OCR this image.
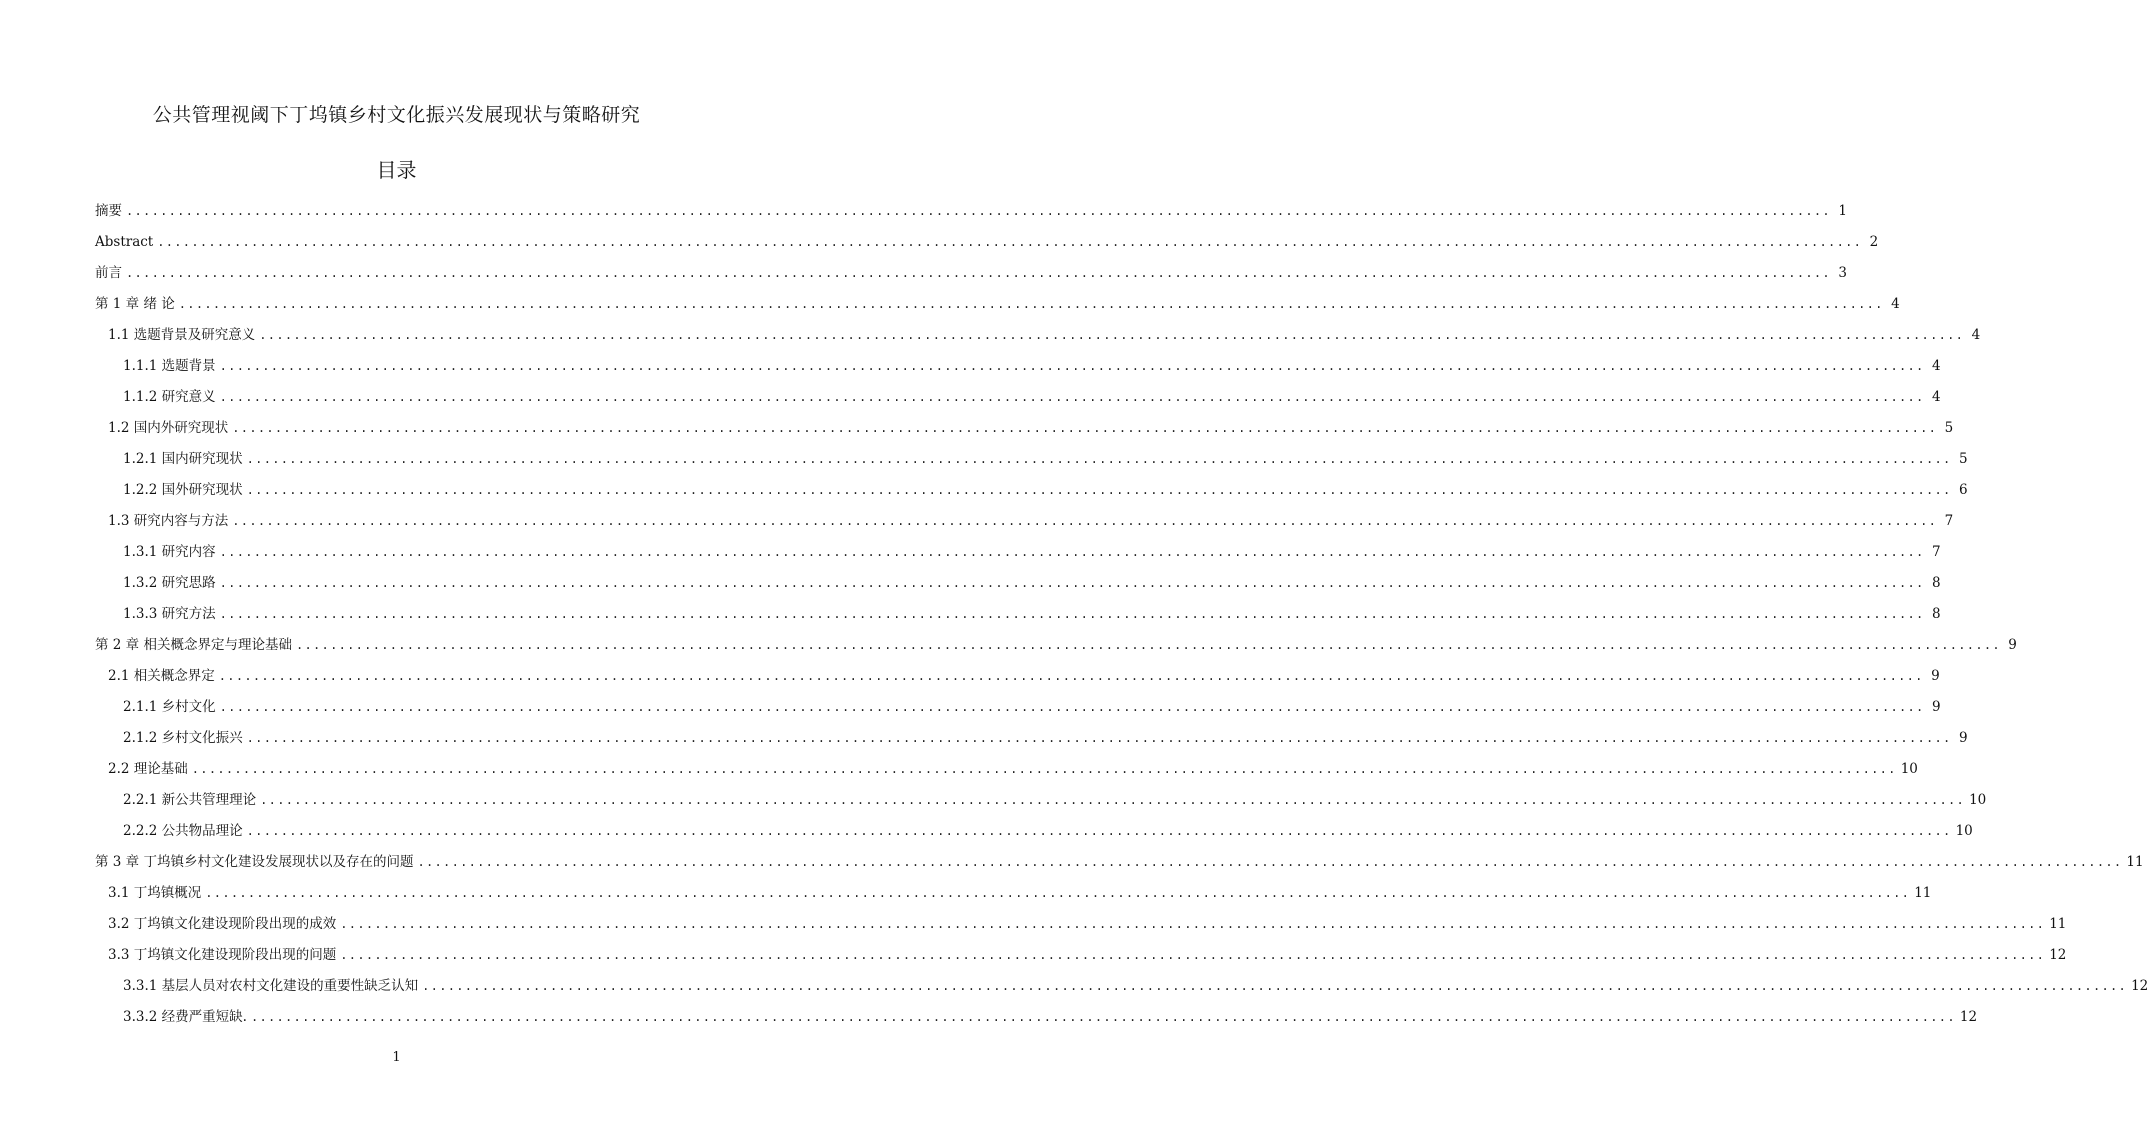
公共管理视阈下丁坞镇乡村文化振兴发展现状与策略研究
目录
摘要 ........................................................................................................................................................................................................ 1
Abstract ........................................................................................................................................................................................................ 2
前言 ........................................................................................................................................................................................................ 3
第 1 章 绪 论 ........................................................................................................................................................................................................ 4
1.1 选题背景及研究意义 ........................................................................................................................................................................................................ 4
1.1.1 选题背景 ........................................................................................................................................................................................................ 4
1.1.2 研究意义 ........................................................................................................................................................................................................ 4
1.2 国内外研究现状 ........................................................................................................................................................................................................ 5
1.2.1 国内研究现状 ........................................................................................................................................................................................................ 5
1.2.2 国外研究现状 ........................................................................................................................................................................................................ 6
1.3 研究内容与方法 ........................................................................................................................................................................................................ 7
1.3.1 研究内容 ........................................................................................................................................................................................................ 7
1.3.2 研究思路 ........................................................................................................................................................................................................ 8
1.3.3 研究方法 ........................................................................................................................................................................................................ 8
第 2 章 相关概念界定与理论基础 ........................................................................................................................................................................................................ 9
2.1 相关概念界定 ........................................................................................................................................................................................................ 9
2.1.1 乡村文化 ........................................................................................................................................................................................................ 9
2.1.2 乡村文化振兴 ........................................................................................................................................................................................................ 9
2.2 理论基础 ........................................................................................................................................................................................................ 10
2.2.1 新公共管理理论 ........................................................................................................................................................................................................ 10
2.2.2 公共物品理论 ........................................................................................................................................................................................................ 10
第 3 章 丁坞镇乡村文化建设发展现状以及存在的问题 ........................................................................................................................................................................................................ 11
3.1 丁坞镇概况 ........................................................................................................................................................................................................ 11
3.2 丁坞镇文化建设现阶段出现的成效 ........................................................................................................................................................................................................ 11
3.3 丁坞镇文化建设现阶段出现的问题 ........................................................................................................................................................................................................ 12
3.3.1 基层人员对农村文化建设的重要性缺乏认知 ........................................................................................................................................................................................................ 12
3.3.2 经费严重短缺. ........................................................................................................................................................................................................ 12
1
